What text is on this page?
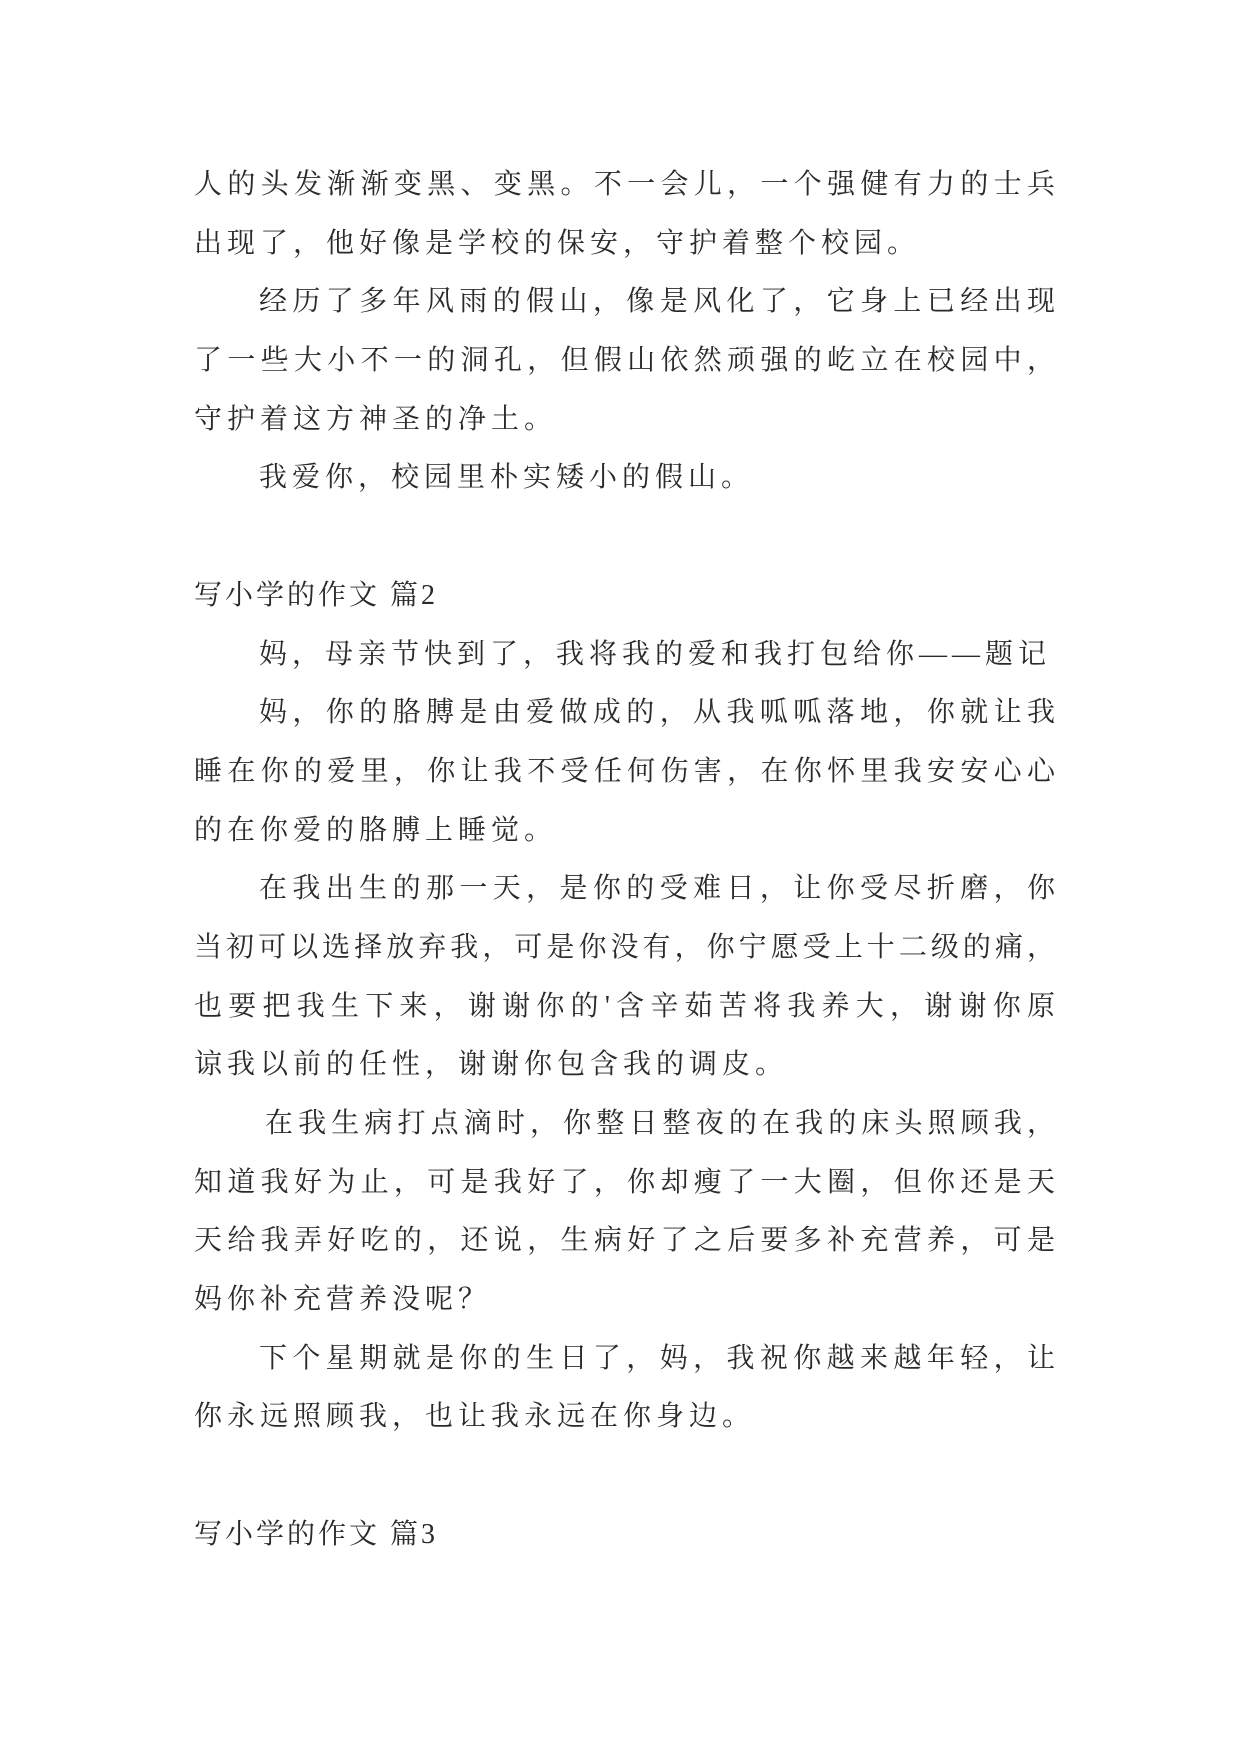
人的头发渐渐变黑、变黑。不一会儿，一个强健有力的士兵
出现了，他好像是学校的保安，守护着整个校园。
经历了多年风雨的假山，像是风化了，它身上已经出现
了一些大小不一的洞孔，但假山依然顽强的屹立在校园中，
守护着这方神圣的净土。
我爱你，校园里朴实矮小的假山。
写小学的作文 篇2
妈，母亲节快到了，我将我的爱和我打包给你——题记
妈，你的胳膊是由爱做成的，从我呱呱落地，你就让我
睡在你的爱里，你让我不受任何伤害，在你怀里我安安心心
的在你爱的胳膊上睡觉。
在我出生的那一天，是你的受难日，让你受尽折磨，你
当初可以选择放弃我，可是你没有，你宁愿受上十二级的痛，
也要把我生下来，谢谢你的'含辛茹苦将我养大，谢谢你原
谅我以前的任性，谢谢你包含我的调皮。
在我生病打点滴时，你整日整夜的在我的床头照顾我，
知道我好为止，可是我好了，你却瘦了一大圈，但你还是天
天给我弄好吃的，还说，生病好了之后要多补充营养，可是
妈你补充营养没呢？
下个星期就是你的生日了，妈，我祝你越来越年轻，让
你永远照顾我，也让我永远在你身边。
写小学的作文 篇3
